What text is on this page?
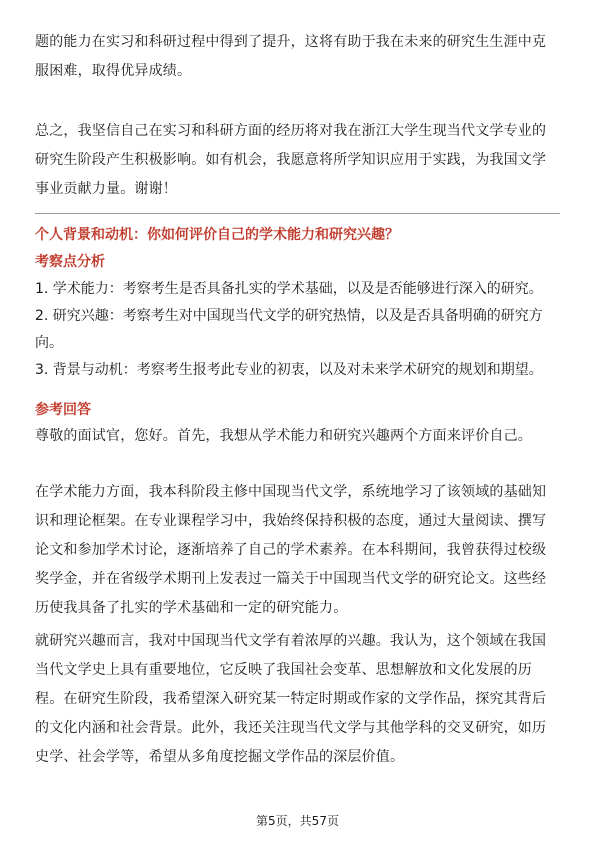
题的能力在实习和科研过程中得到了提升，这将有助于我在未来的研究生生涯中克服困难，取得优异成绩。

总之，我坚信自己在实习和科研方面的经历将对我在浙江大学生现当代文学专业的研究生阶段产生积极影响。如有机会，我愿意将所学知识应用于实践，为我国文学事业贡献力量。谢谢！

个人背景和动机：你如何评价自己的学术能力和研究兴趣？

考察点分析

1. 学术能力：考察考生是否具备扎实的学术基础，以及是否能够进行深入的研究。

2. 研究兴趣：考察考生对中国现当代文学的研究热情，以及是否具备明确的研究方向。

3. 背景与动机：考察考生报考此专业的初衷，以及对未来学术研究的规划和期望。

参考回答

尊敬的面试官，您好。首先，我想从学术能力和研究兴趣两个方面来评价自己。

在学术能力方面，我本科阶段主修中国现当代文学，系统地学习了该领域的基础知识和理论框架。在专业课程学习中，我始终保持积极的态度，通过大量阅读、撰写论文和参加学术讨论，逐渐培养了自己的学术素养。在本科期间，我曾获得过校级奖学金，并在省级学术期刊上发表过一篇关于中国现当代文学的研究论文。这些经历使我具备了扎实的学术基础和一定的研究能力。

就研究兴趣而言，我对中国现当代文学有着浓厚的兴趣。我认为，这个领域在我国当代文学史上具有重要地位，它反映了我国社会变革、思想解放和文化发展的历程。在研究生阶段，我希望深入研究某一特定时期或作家的文学作品，探究其背后的文化内涵和社会背景。此外，我还关注现当代文学与其他学科的交叉研究，如历史学、社会学等，希望从多角度挖掘文学作品的深层价值。

第5页，共57页
